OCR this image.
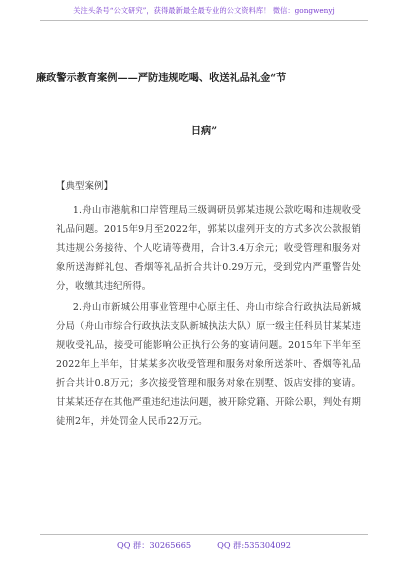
关注头条号“公文研究”，获得最新最全最专业的公文资料库！ 微信：gongwenyj
廉政警示教育案例——严防违规吃喝、收送礼品礼金“节
日病”

【典型案例】

1.舟山市港航和口岸管理局三级调研员郭某违规公款吃喝和违规收受礼品问题。2015年9月至2022年，郭某以虚列开支的方式多次公款报销其违规公务接待、个人吃请等费用，合计3.4万余元；收受管理和服务对象所送海鲜礼包、香烟等礼品折合共计0.29万元，受到党内严重警告处分，收缴其违纪所得。

2.舟山市新城公用事业管理中心原主任、舟山市综合行政执法局新城分局（舟山市综合行政执法支队新城执法大队）原一级主任科员甘某某违规收受礼品，接受可能影响公正执行公务的宴请问题。2015年下半年至2022年上半年，甘某某多次收受管理和服务对象所送茶叶、香烟等礼品折合共计0.8万元；多次接受管理和服务对象在别墅、饭店安排的宴请。甘某某还存在其他严重违纪违法问题，被开除党籍、开除公职，判处有期徒刑2年，并处罚金人民币22万元。

QQ 群：30265665	QQ 群:535304092
